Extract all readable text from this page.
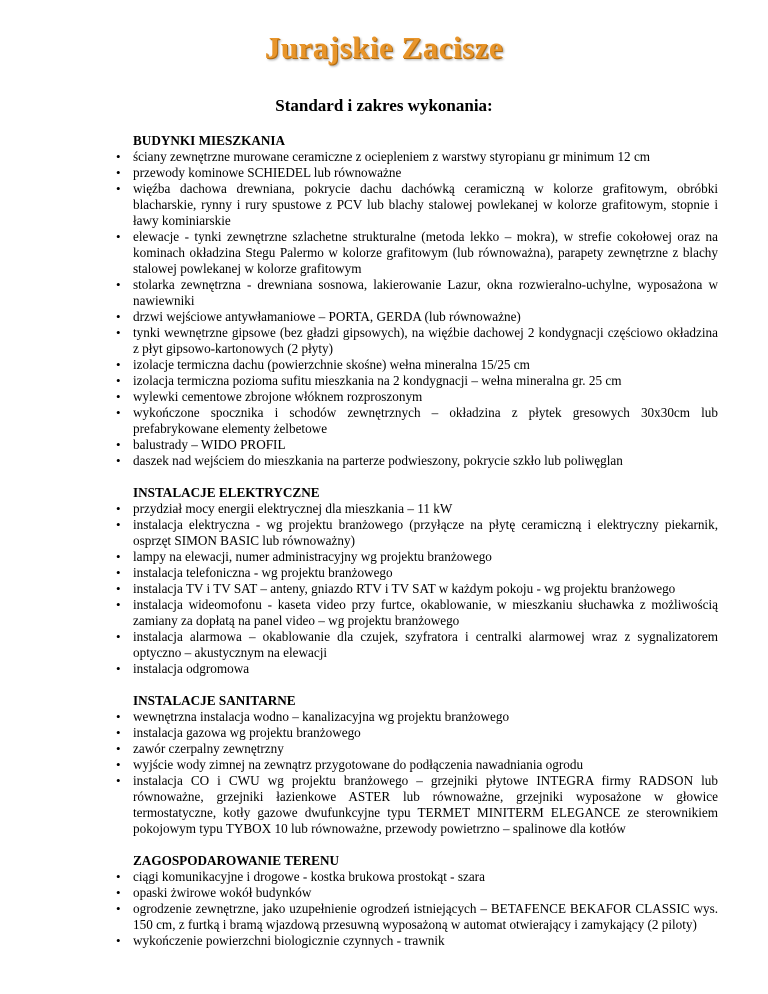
Jurajskie Zacisze
Standard i zakres wykonania:
BUDYNKI MIESZKANIA
• ściany zewnętrzne murowane ceramiczne z ociepleniem z warstwy styropianu gr minimum 12 cm
• przewody kominowe SCHIEDEL lub równoważne
• więźba dachowa drewniana, pokrycie dachu dachówką ceramiczną w kolorze grafitowym, obróbki blacharskie, rynny i rury spustowe z PCV lub blachy stalowej powlekanej w kolorze grafitowym, stopnie i ławy kominiarskie
• elewacje - tynki zewnętrzne szlachetne strukturalne (metoda lekko – mokra), w strefie cokołowej oraz na kominach okładzina Stegu Palermo w kolorze grafitowym (lub równoważna), parapety zewnętrzne z blachy stalowej powlekanej w kolorze grafitowym
• stolarka zewnętrzna - drewniana sosnowa, lakierowanie Lazur, okna rozwieralno-uchylne, wyposażona w nawiewniki
• drzwi wejściowe antywłamaniowe – PORTA, GERDA (lub równoważne)
• tynki wewnętrzne gipsowe (bez gładzi gipsowych), na więźbie dachowej 2 kondygnacji częściowo okładzina z płyt gipsowo-kartonowych (2 płyty)
• izolacje termiczna dachu (powierzchnie skośne) wełna mineralna 15/25 cm
• izolacja termiczna pozioma sufitu mieszkania na 2 kondygnacji – wełna mineralna gr. 25 cm
• wylewki cementowe zbrojone włóknem rozproszonym
• wykończone spocznika i schodów zewnętrznych – okładzina z płytek gresowych 30x30cm lub prefabrykowane elementy żelbetowe
• balustrady – WIDO PROFIL
• daszek nad wejściem do mieszkania na parterze podwieszony, pokrycie szkło lub poliwęglan
INSTALACJE ELEKTRYCZNE
• przydział mocy energii elektrycznej dla mieszkania – 11 kW
• instalacja elektryczna - wg projektu branżowego (przyłącze na płytę ceramiczną i elektryczny piekarnik, osprzęt SIMON BASIC lub równoważny)
• lampy na elewacji, numer administracyjny wg projektu branżowego
• instalacja telefoniczna - wg projektu branżowego
• instalacja TV i TV SAT – anteny, gniazdo RTV i TV SAT w każdym pokoju - wg projektu branżowego
• instalacja wideomofonu - kaseta video przy furtce, okablowanie, w mieszkaniu słuchawka z możliwością zamiany za dopłatą na panel video – wg projektu branżowego
• instalacja alarmowa – okablowanie dla czujek, szyfratora i centralki alarmowej wraz z sygnalizatorem optyczno – akustycznym na elewacji
• instalacja odgromowa
INSTALACJE SANITARNE
• wewnętrzna instalacja wodno – kanalizacyjna wg projektu branżowego
• instalacja gazowa wg projektu branżowego
• zawór czerpalny zewnętrzny
• wyjście wody zimnej na zewnątrz przygotowane do podłączenia nawadniania ogrodu
• instalacja CO i CWU wg projektu branżowego – grzejniki płytowe INTEGRA firmy RADSON lub równoważne, grzejniki łazienkowe ASTER lub równoważne, grzejniki wyposażone w głowice termostatyczne, kotły gazowe dwufunkcyjne typu TERMET MINITERM ELEGANCE ze sterownikiem pokojowym typu TYBOX 10 lub równoważne, przewody powietrzno – spalinowe dla kotłów
ZAGOSPODAROWANIE TERENU
• ciągi komunikacyjne i drogowe - kostka brukowa prostokąt - szara
• opaski żwirowe wokół budynków
• ogrodzenie zewnętrzne, jako uzupełnienie ogrodzeń istniejących – BETAFENCE BEKAFOR CLASSIC wys. 150 cm, z furtką i bramą wjazdową przesuwną wyposażoną w automat otwierający i zamykający (2 piloty)
• wykończenie powierzchni biologicznie czynnych - trawnik
